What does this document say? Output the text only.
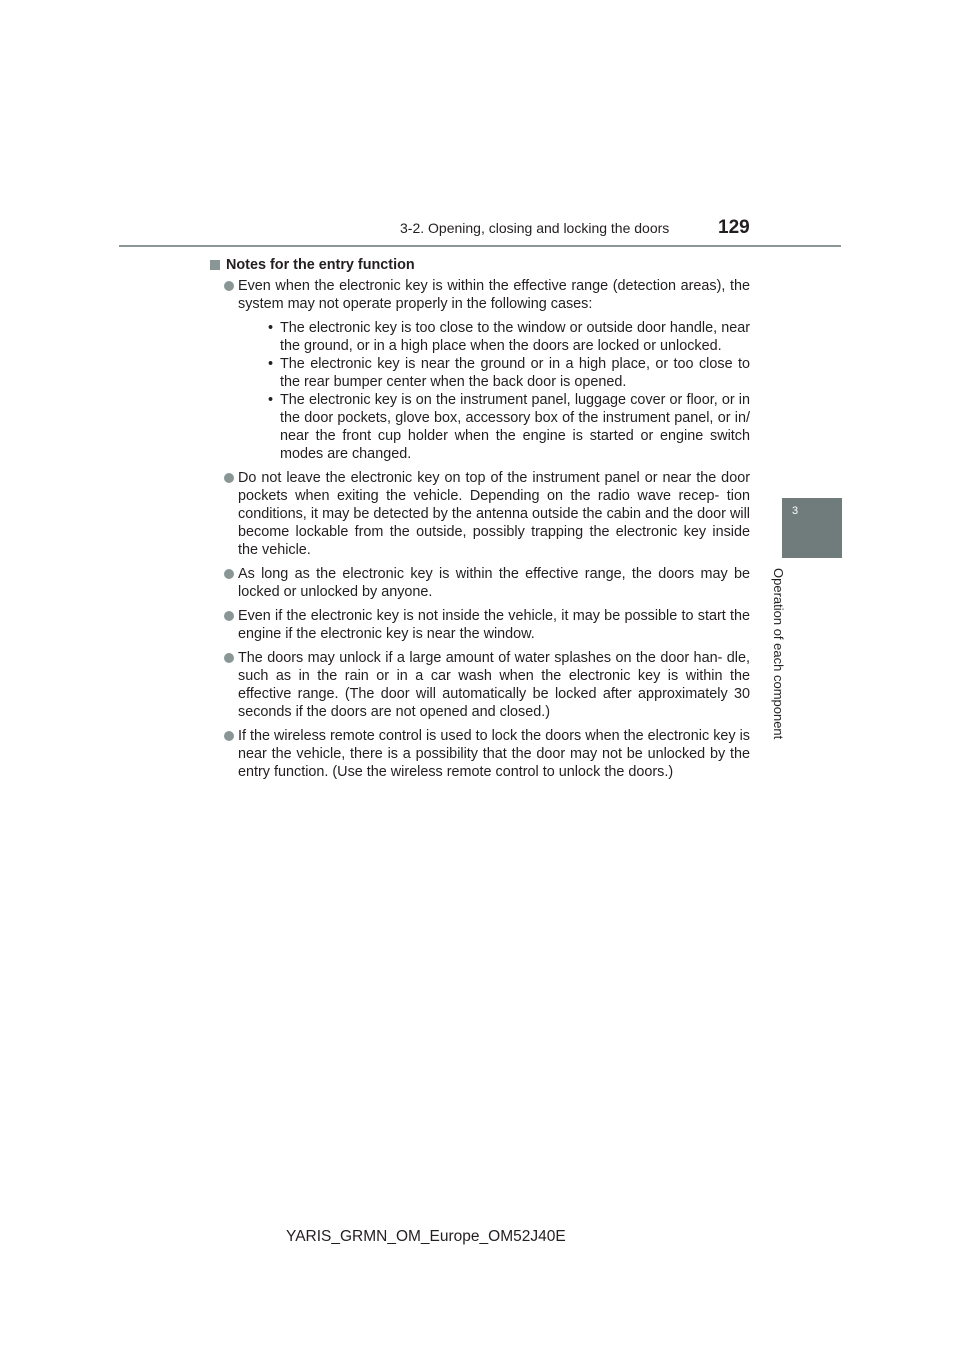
3-2. Opening, closing and locking the doors	129
3
Operation of each component
Notes for the entry function
Even when the electronic key is within the effective range (detection areas), the system may not operate properly in the following cases:
• The electronic key is too close to the window or outside door handle, near the ground, or in a high place when the doors are locked or unlocked.
• The electronic key is near the ground or in a high place, or too close to the rear bumper center when the back door is opened.
• The electronic key is on the instrument panel, luggage cover or floor, or in the door pockets, glove box, accessory box of the instrument panel, or in/ near the front cup holder when the engine is started or engine switch modes are changed.
Do not leave the electronic key on top of the instrument panel or near the door pockets when exiting the vehicle. Depending on the radio wave recep- tion conditions, it may be detected by the antenna outside the cabin and the door will become lockable from the outside, possibly trapping the electronic key inside the vehicle.
As long as the electronic key is within the effective range, the doors may be locked or unlocked by anyone.
Even if the electronic key is not inside the vehicle, it may be possible to start the engine if the electronic key is near the window.
The doors may unlock if a large amount of water splashes on the door han- dle, such as in the rain or in a car wash when the electronic key is within the effective range. (The door will automatically be locked after approximately 30 seconds if the doors are not opened and closed.)
If the wireless remote control is used to lock the doors when the electronic key is near the vehicle, there is a possibility that the door may not be unlocked by the entry function. (Use the wireless remote control to unlock the doors.)
YARIS_GRMN_OM_Europe_OM52J40E
